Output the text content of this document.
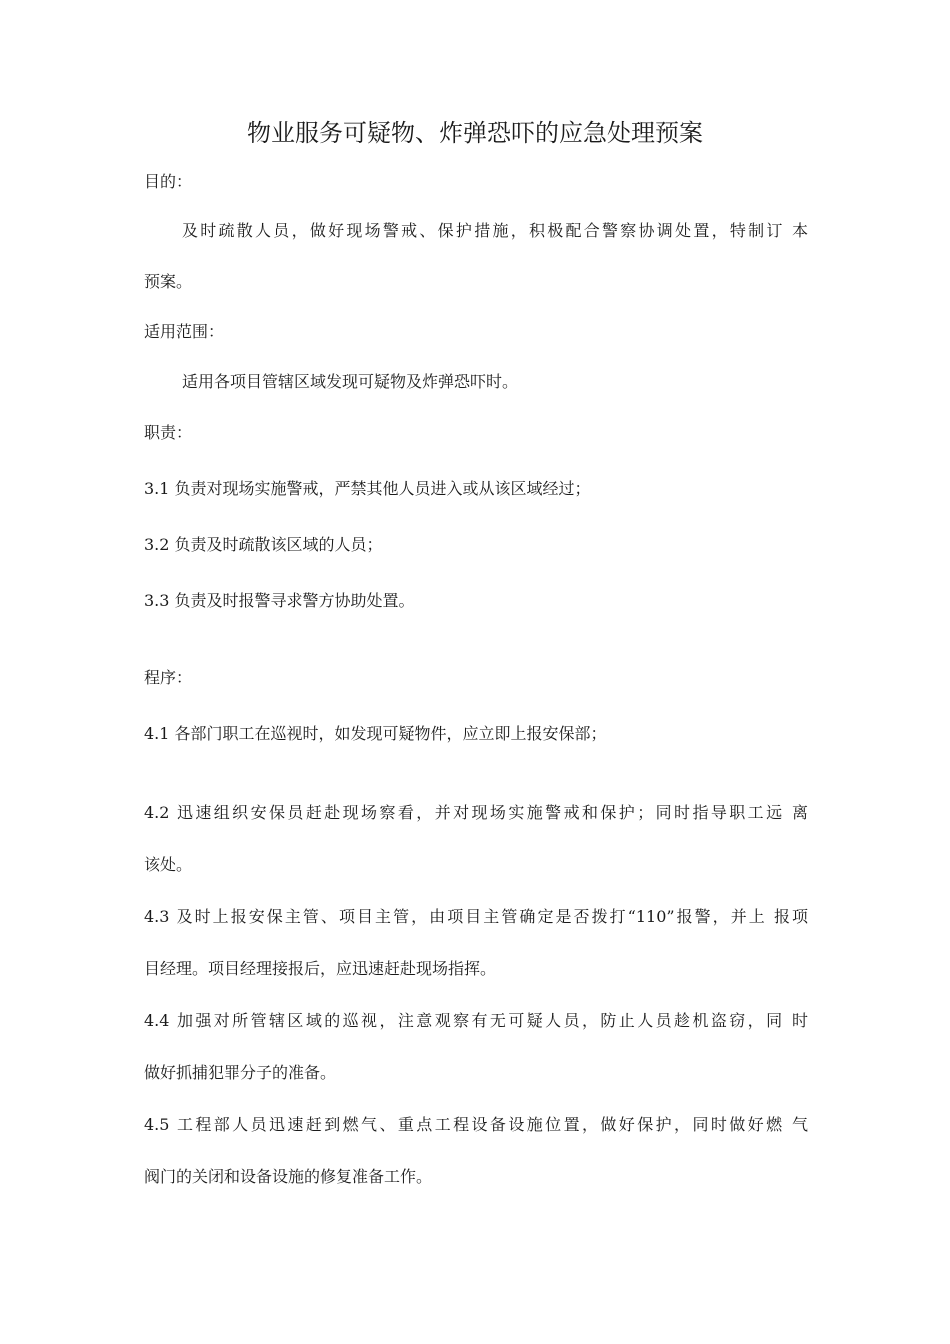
物业服务可疑物、炸弹恐吓的应急处理预案
目的：
及时疏散人员，做好现场警戒、保护措施，积极配合警察协调处置，特制订 本
预案。
适用范围：
适用各项目管辖区域发现可疑物及炸弹恐吓时。
职责：
3.1 负责对现场实施警戒，严禁其他人员进入或从该区域经过；
3.2 负责及时疏散该区域的人员；
3.3 负责及时报警寻求警方协助处置。
程序：
4.1 各部门职工在巡视时，如发现可疑物件，应立即上报安保部；
4.2 迅速组织安保员赶赴现场察看，并对现场实施警戒和保护；同时指导职工远 离
该处。
4.3 及时上报安保主管、项目主管，由项目主管确定是否拨打“110”报警，并上 报项
目经理。项目经理接报后，应迅速赶赴现场指挥。
4.4 加强对所管辖区域的巡视，注意观察有无可疑人员，防止人员趁机盗窃，同 时
做好抓捕犯罪分子的准备。
4.5 工程部人员迅速赶到燃气、重点工程设备设施位置，做好保护，同时做好燃 气
阀门的关闭和设备设施的修复准备工作。
